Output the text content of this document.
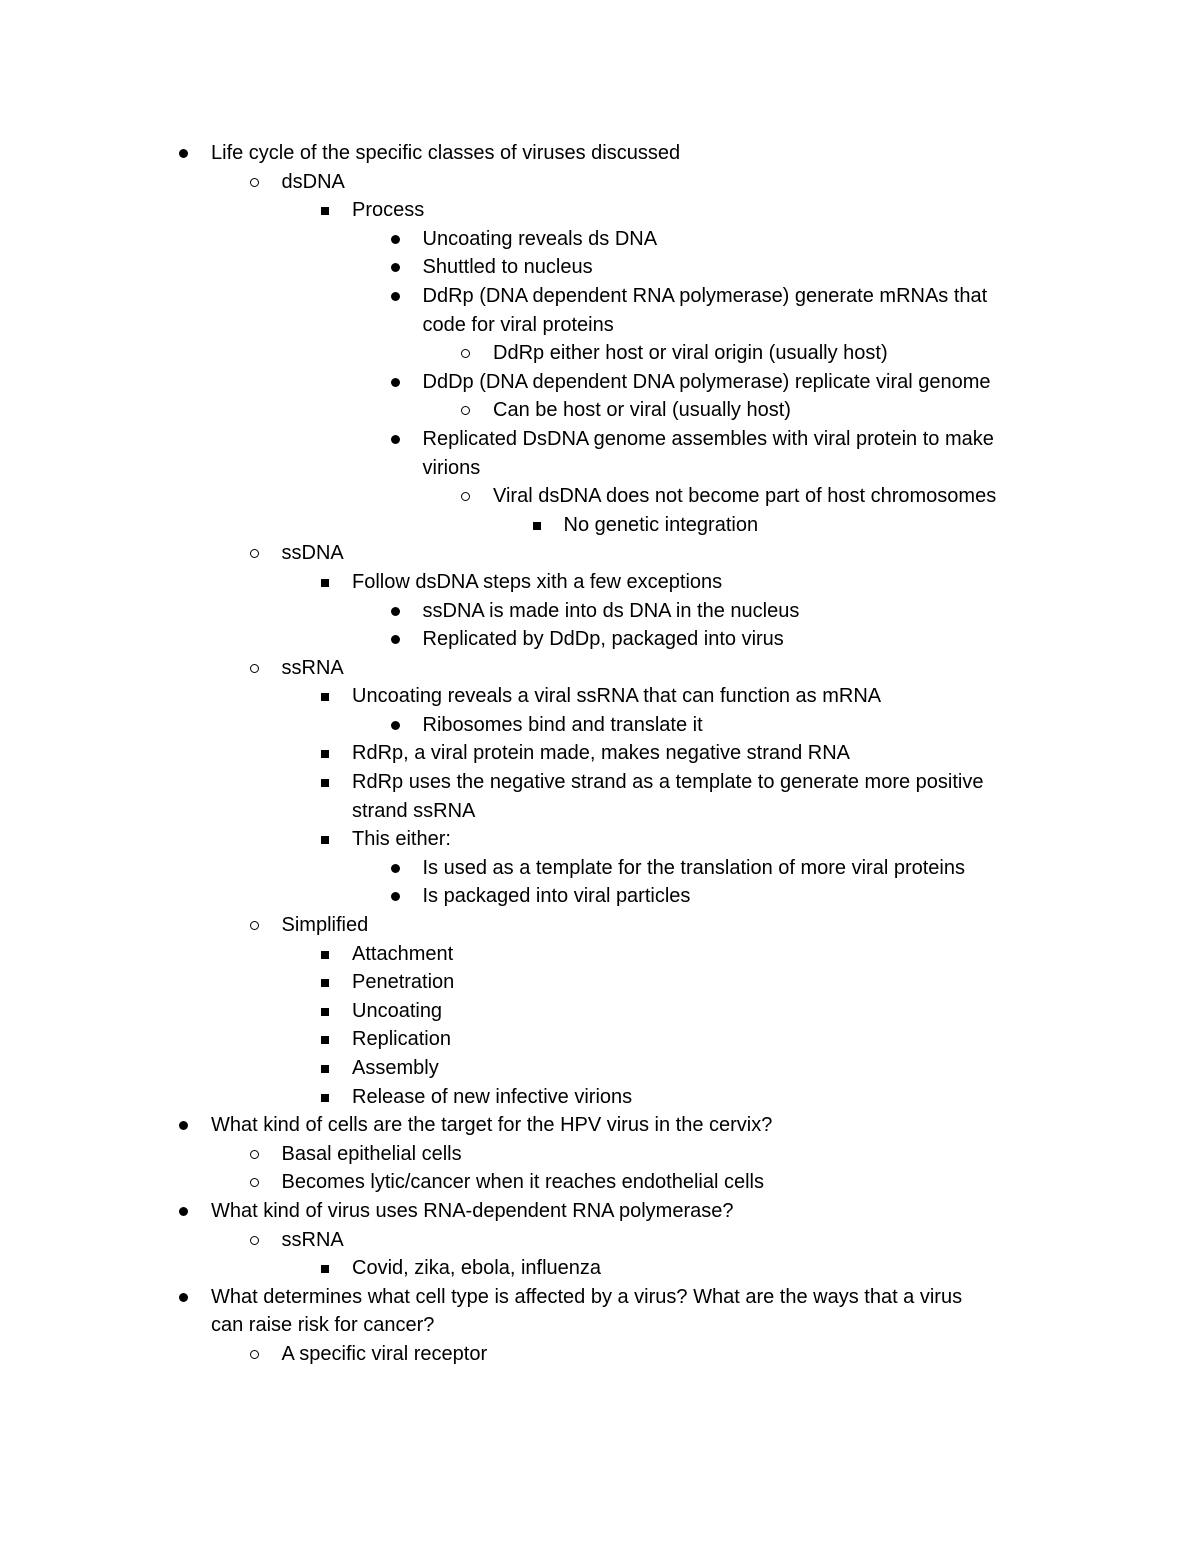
Life cycle of the specific classes of viruses discussed
dsDNA
Process
Uncoating reveals ds DNA
Shuttled to nucleus
DdRp (DNA dependent RNA polymerase) generate mRNAs that
code for viral proteins
DdRp either host or viral origin (usually host)
DdDp (DNA dependent DNA polymerase) replicate viral genome
Can be host or viral (usually host)
Replicated DsDNA genome assembles with viral protein to make
virions
Viral dsDNA does not become part of host chromosomes
No genetic integration
ssDNA
Follow dsDNA steps xith a few exceptions
ssDNA is made into ds DNA in the nucleus
Replicated by DdDp, packaged into virus
ssRNA
Uncoating reveals a viral ssRNA that can function as mRNA
Ribosomes bind and translate it
RdRp, a viral protein made, makes negative strand RNA
RdRp uses the negative strand as a template to generate more positive
strand ssRNA
This either:
Is used as a template for the translation of more viral proteins
Is packaged into viral particles
Simplified
Attachment
Penetration
Uncoating
Replication
Assembly
Release of new infective virions
What kind of cells are the target for the HPV virus in the cervix?
Basal epithelial cells
Becomes lytic/cancer when it reaches endothelial cells
What kind of virus uses RNA-dependent RNA polymerase?
ssRNA
Covid, zika, ebola, influenza
What determines what cell type is affected by a virus? What are the ways that a virus
can raise risk for cancer?
A specific viral receptor
